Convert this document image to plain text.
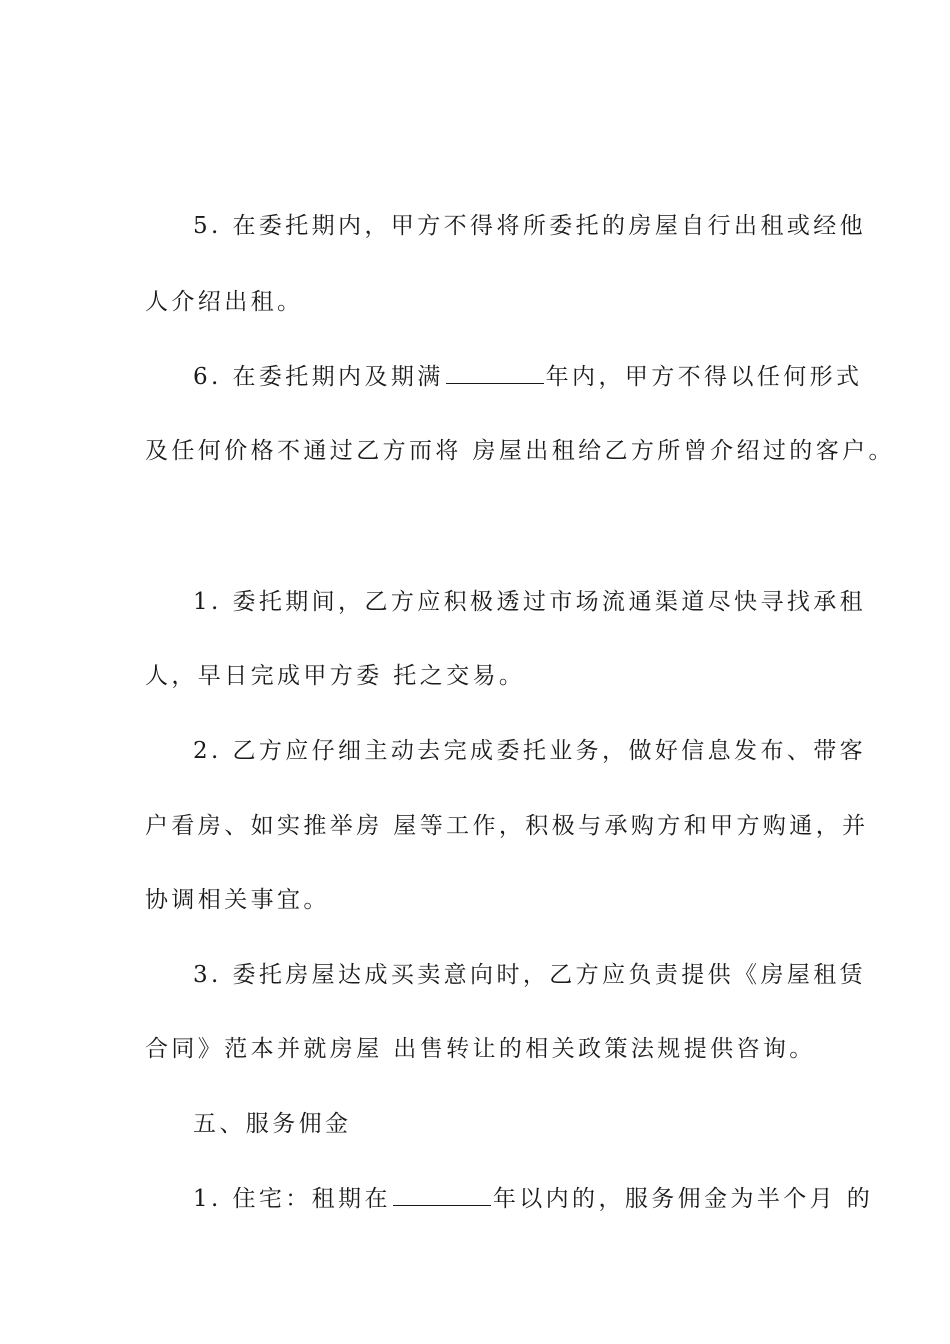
5. 在委托期内，甲方不得将所委托的房屋自行出租或经他
人介绍出租。
6. 在委托期内及期满	年内，甲方不得以任何形式
及任何价格不通过乙方而将 房屋出租给乙方所曾介绍过的客户。
1. 委托期间，乙方应积极透过市场流通渠道尽快寻找承租
人，早日完成甲方委 托之交易。
2. 乙方应仔细主动去完成委托业务，做好信息发布、带客
户看房、如实推举房 屋等工作，积极与承购方和甲方购通，并
协调相关事宜。
3. 委托房屋达成买卖意向时，乙方应负责提供《房屋租赁
合同》范本并就房屋 出售转让的相关政策法规提供咨询。
五、服务佣金
1. 住宅：租期在	年以内的，服务佣金为半个月 的
